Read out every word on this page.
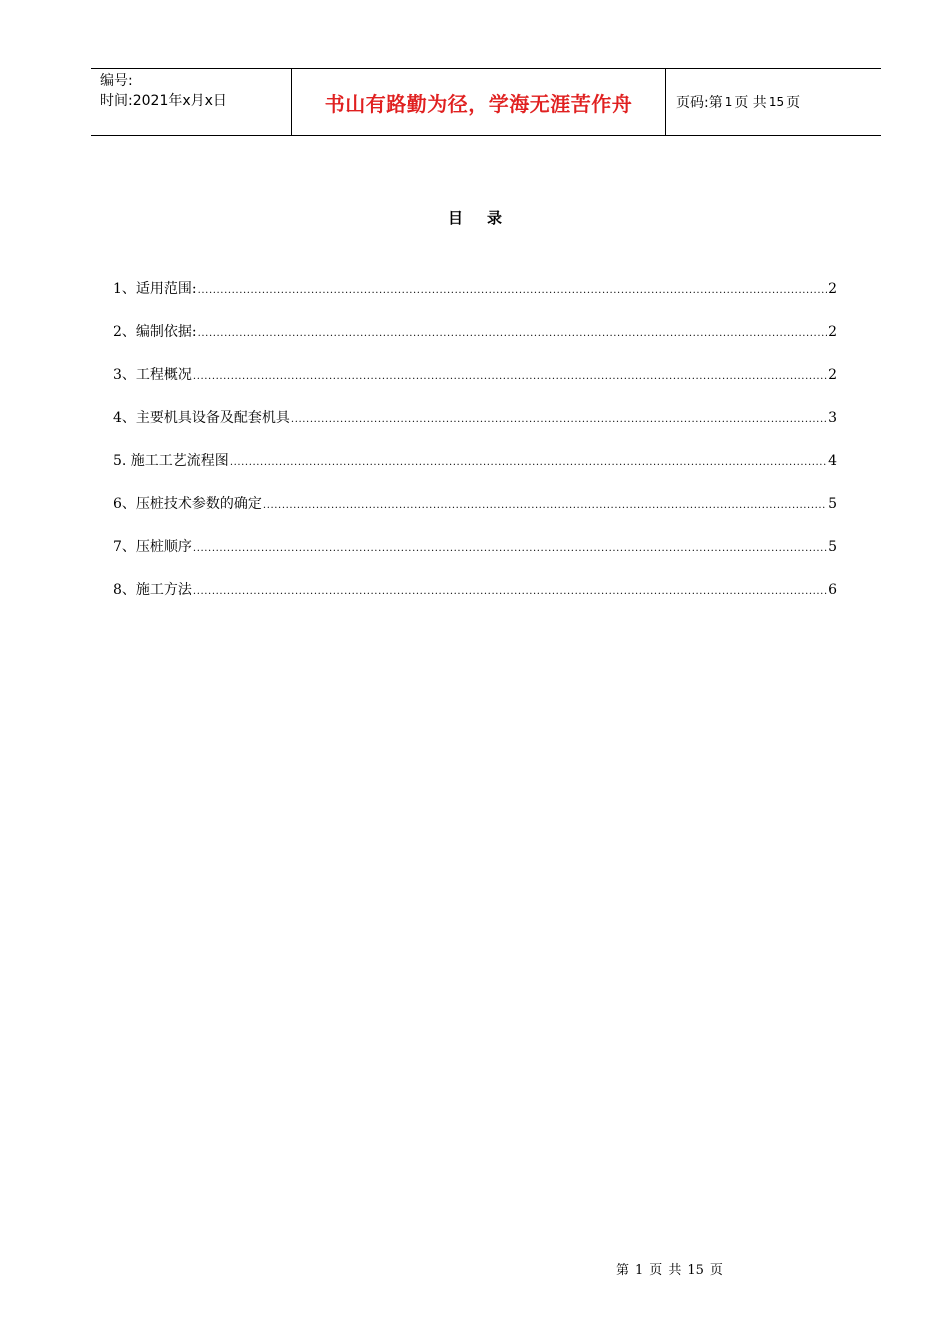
编号:
时间:2021年x月x日	书山有路勤为径，学海无涯苦作舟	页码: 第 1 页 共 15 页
目录
1、适用范围: .....	2
2、编制依据: .....	2
3、工程概况 .....	2
4、主要机具设备及配套机具 .....	3
5. 施工工艺流程图 .....	4
6、压桩技术参数的确定 .....	5
7、压桩顺序 .....	5
8、施工方法 .....	6
第 1 页 共 15 页
